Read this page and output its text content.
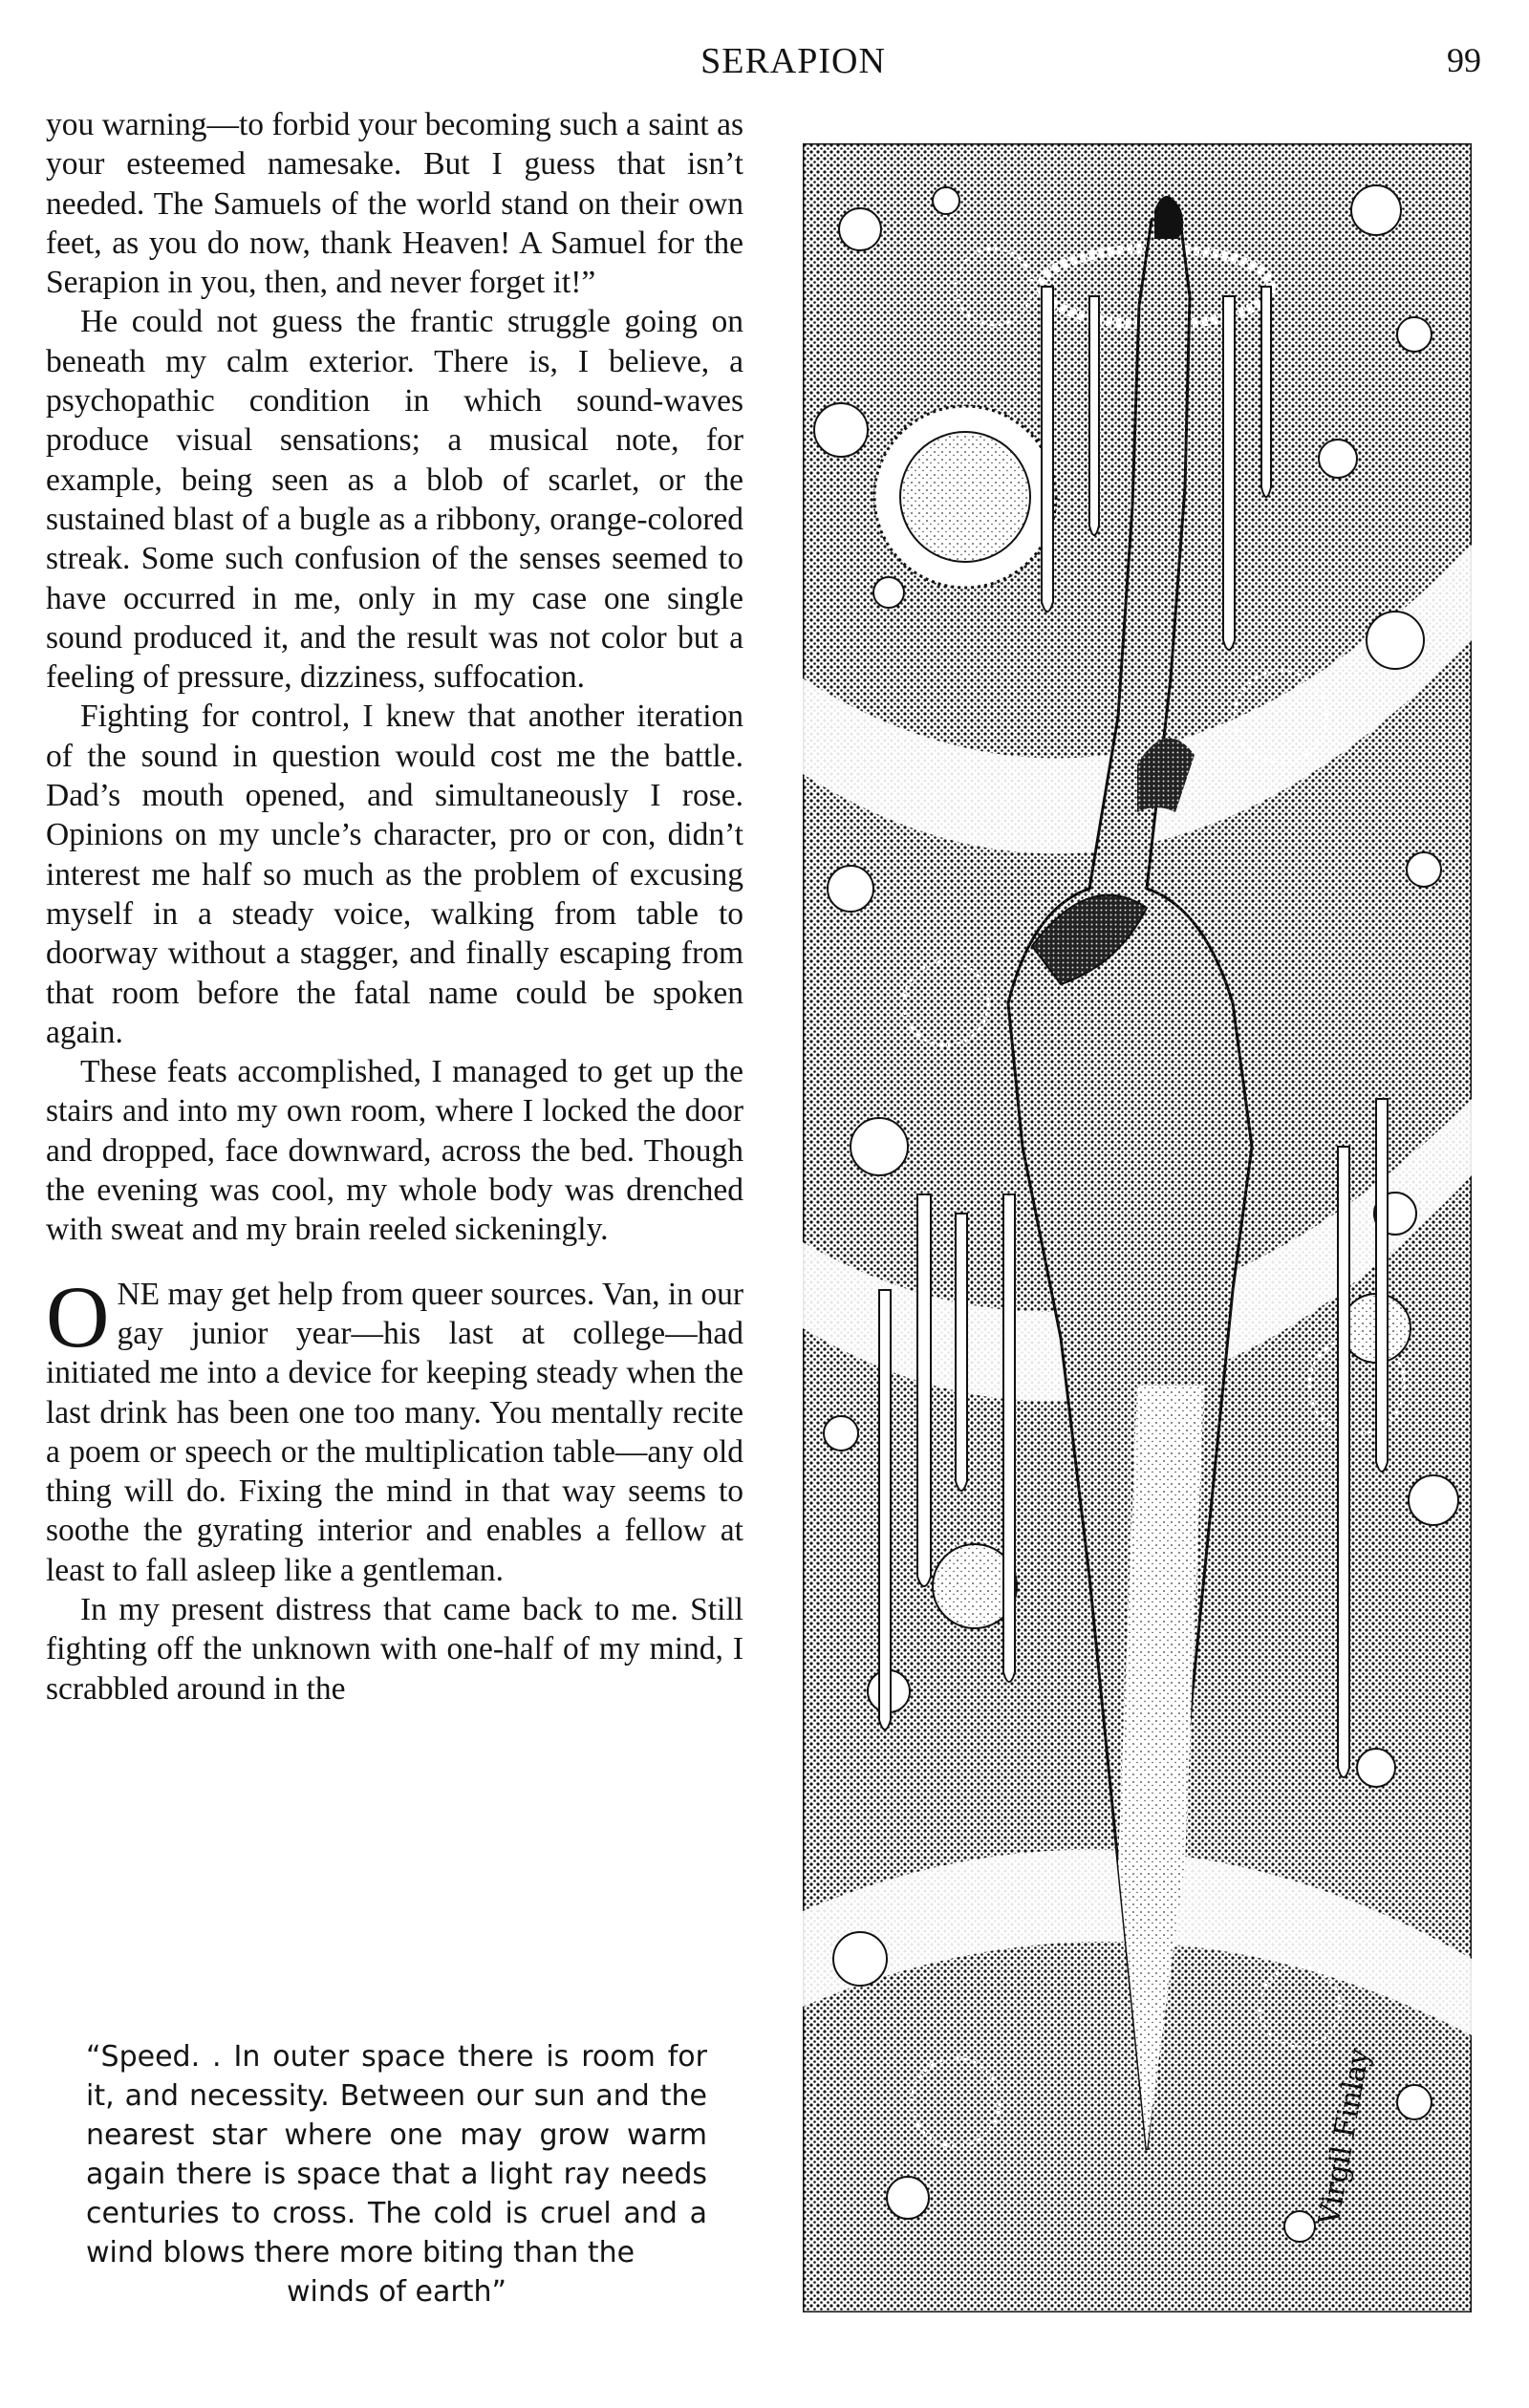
SERAPION	99

you warning—to forbid your becoming such a saint as your esteemed namesake. But I guess that isn’t needed. The Samuels of the world stand on their own feet, as you do now, thank Heaven! A Samuel for the Serapion in you, then, and never forget it!”

He could not guess the frantic struggle going on beneath my calm exterior. There is, I believe, a psychopathic condition in which sound-waves produce visual sensations; a musical note, for example, being seen as a blob of scarlet, or the sustained blast of a bugle as a ribbony, orange-colored streak. Some such confusion of the senses seemed to have occurred in me, only in my case one single sound produced it, and the result was not color but a feeling of pressure, dizziness, suffocation.

Fighting for control, I knew that another iteration of the sound in question would cost me the battle. Dad’s mouth opened, and simultaneously I rose. Opinions on my uncle’s character, pro or con, didn’t interest me half so much as the problem of excusing myself in a steady voice, walking from table to doorway without a stagger, and finally escaping from that room before the fatal name could be spoken again.

These feats accomplished, I managed to get up the stairs and into my own room, where I locked the door and dropped, face downward, across the bed. Though the evening was cool, my whole body was drenched with sweat and my brain reeled sickeningly.

ONE may get help from queer sources. Van, in our gay junior year—his last at college—had initiated me into a device for keeping steady when the last drink has been one too many. You mentally recite a poem or speech or the multiplication table—any old thing will do. Fixing the mind in that way seems to soothe the gyrating interior and enables a fellow at least to fall asleep like a gentleman.

In my present distress that came back to me. Still fighting off the unknown with one-half of my mind, I scrabbled around in the

“Speed. . In outer space there is room for it, and necessity. Between our sun and the nearest star where one may grow warm again there is space that a light ray needs centuries to cross. The cold is cruel and a wind blows there more biting than the
winds of earth”
Virgil Finlay
